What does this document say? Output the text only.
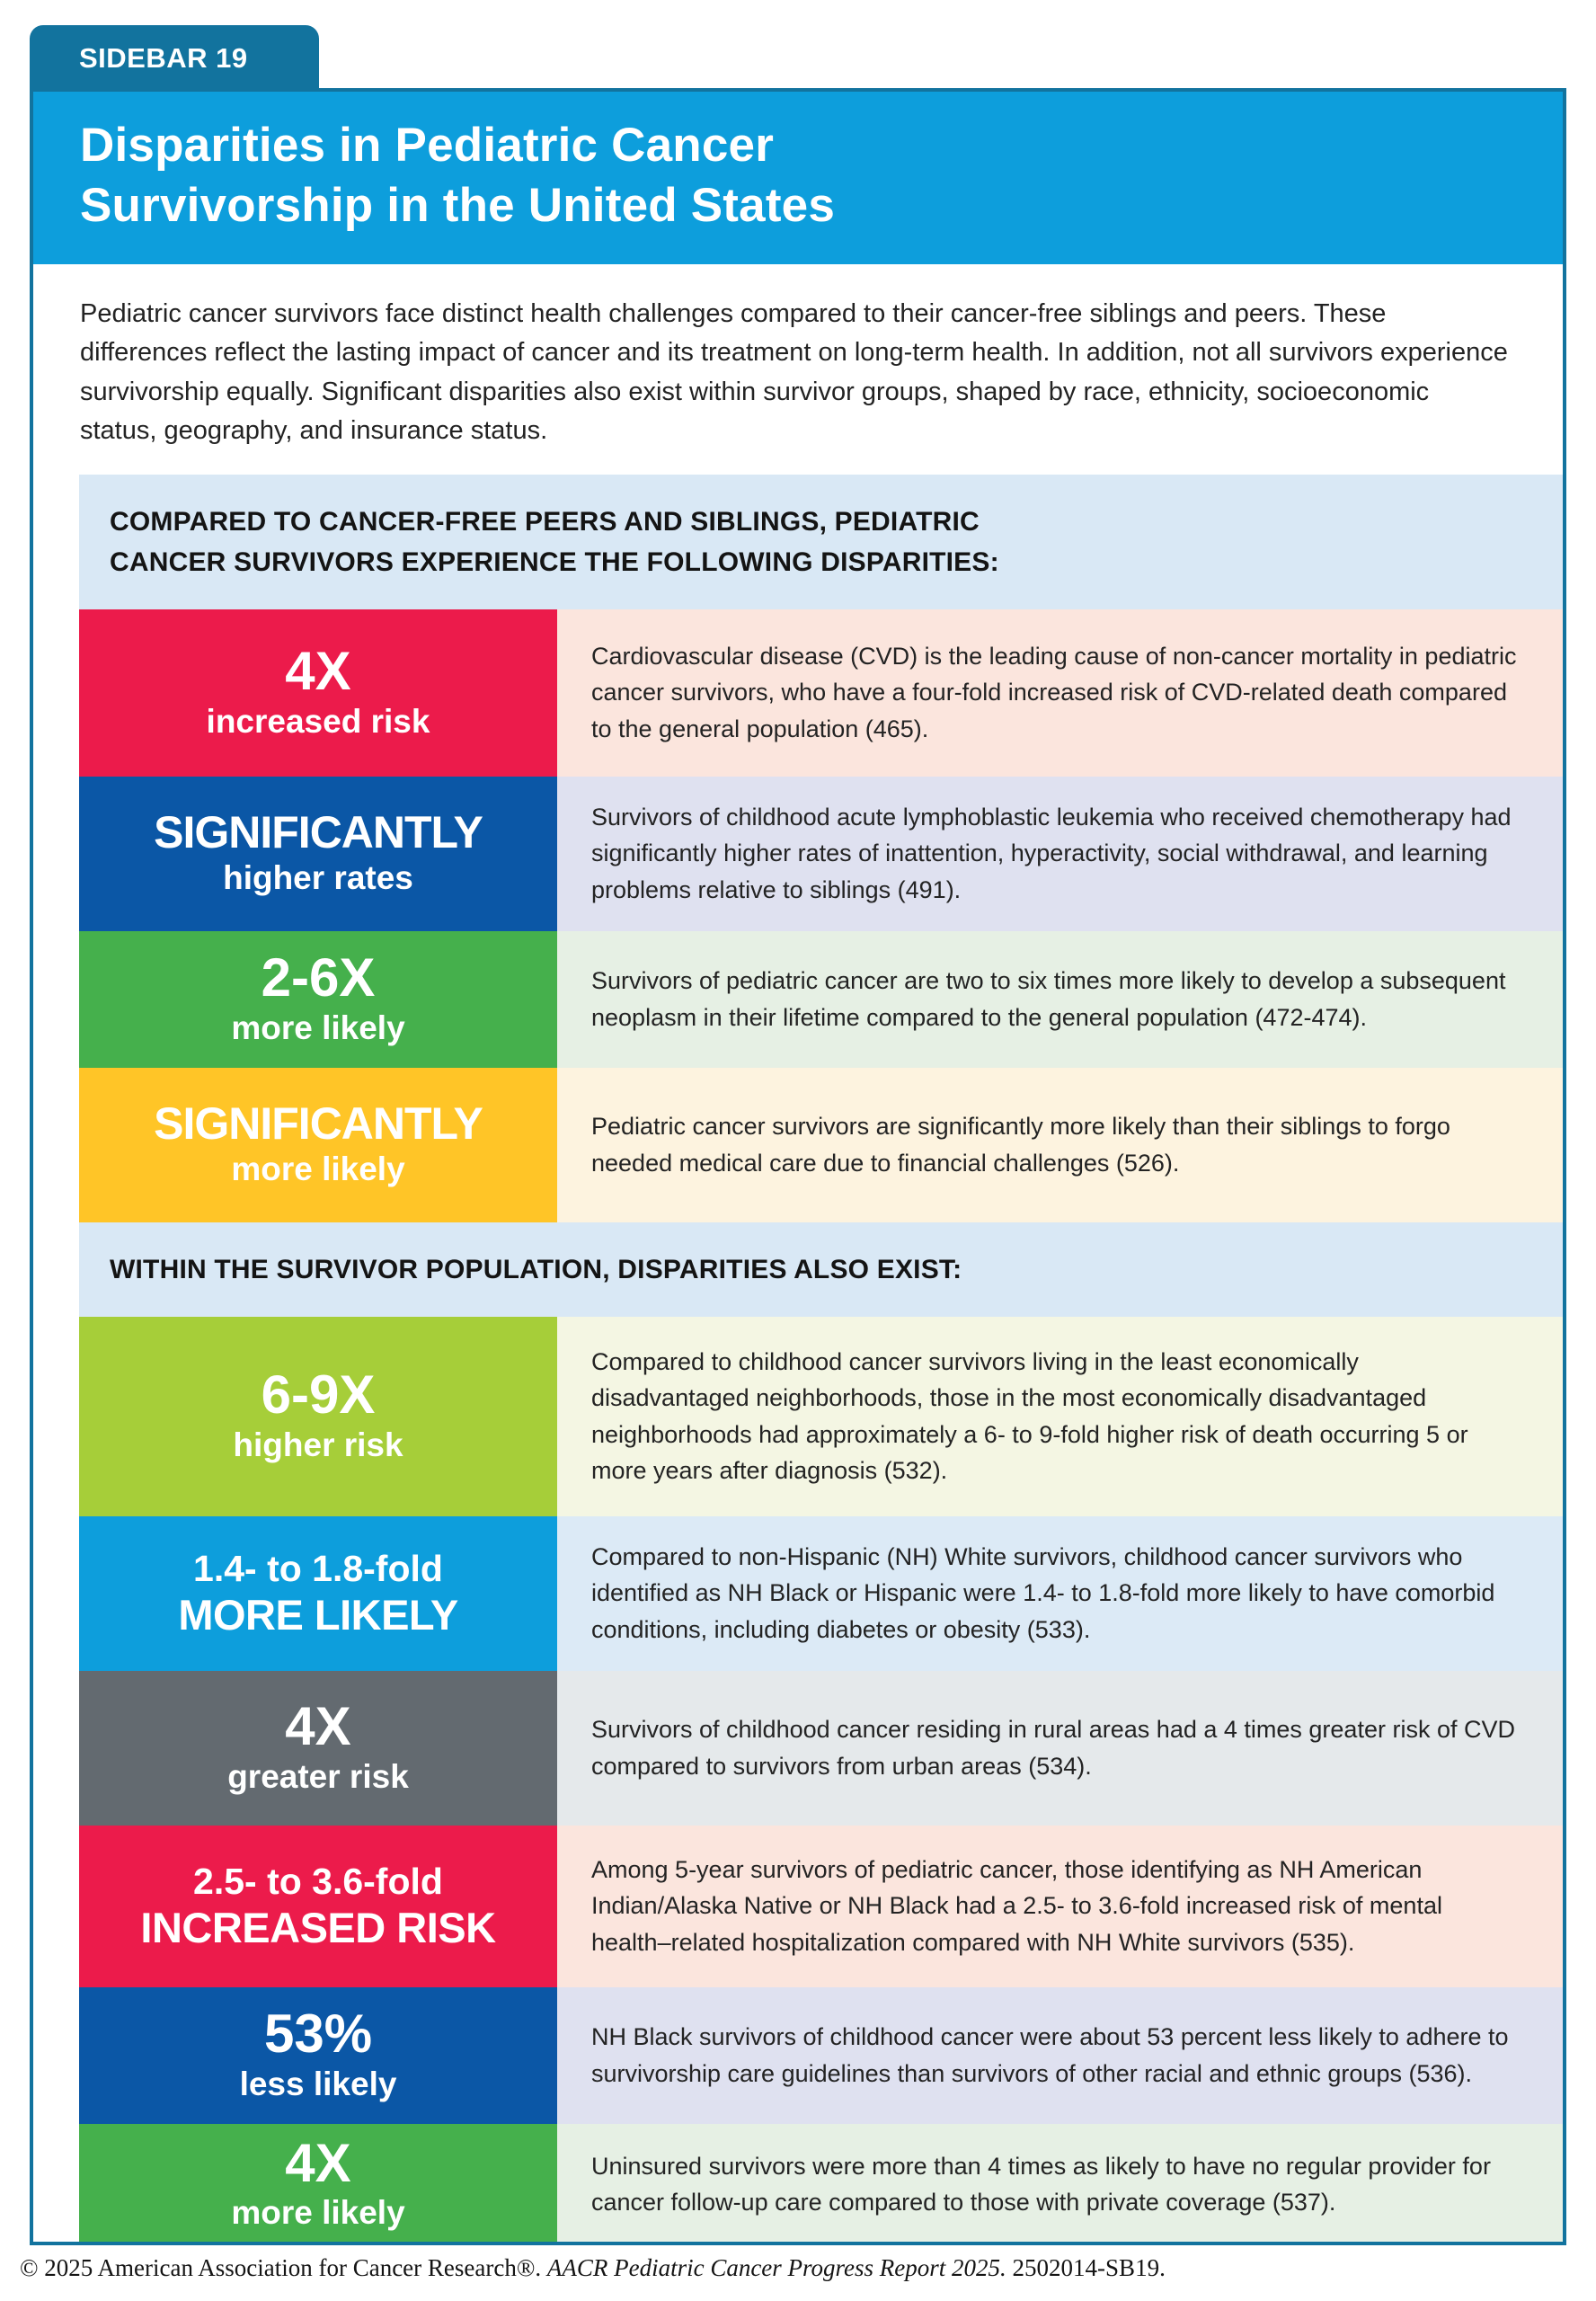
SIDEBAR 19
Disparities in Pediatric Cancer
Survivorship in the United States

Pediatric cancer survivors face distinct health challenges compared to their cancer-free siblings and peers. These differences reflect the lasting impact of cancer and its treatment on long-term health. In addition, not all survivors experience survivorship equally. Significant disparities also exist within survivor groups, shaped by race, ethnicity, socioeconomic status, geography, and insurance status.

COMPARED TO CANCER-FREE PEERS AND SIBLINGS, PEDIATRIC CANCER SURVIVORS EXPERIENCE THE FOLLOWING DISPARITIES:
4X
increased risk

Cardiovascular disease (CVD) is the leading cause of non-cancer mortality in pediatric cancer survivors, who have a four-fold increased risk of CVD-related death compared to the general population (465).

SIGNIFICANTLY
higher rates

Survivors of childhood acute lymphoblastic leukemia who received chemotherapy had significantly higher rates of inattention, hyperactivity, social withdrawal, and learning problems relative to siblings (491).

2-6X
more likely

Survivors of pediatric cancer are two to six times more likely to develop a subsequent neoplasm in their lifetime compared to the general population (472-474).

SIGNIFICANTLY
more likely

Pediatric cancer survivors are significantly more likely than their siblings to forgo needed medical care due to financial challenges (526).

WITHIN THE SURVIVOR POPULATION, DISPARITIES ALSO EXIST:
6-9X
higher risk

Compared to childhood cancer survivors living in the least economically disadvantaged neighborhoods, those in the most economically disadvantaged neighborhoods had approximately a 6- to 9-fold higher risk of death occurring 5 or more years after diagnosis (532).

1.4- to 1.8-fold
MORE LIKELY

Compared to non-Hispanic (NH) White survivors, childhood cancer survivors who identified as NH Black or Hispanic were 1.4- to 1.8-fold more likely to have comorbid conditions, including diabetes or obesity (533).

4X
greater risk

Survivors of childhood cancer residing in rural areas had a 4 times greater risk of CVD compared to survivors from urban areas (534).

2.5- to 3.6-fold
INCREASED RISK

Among 5-year survivors of pediatric cancer, those identifying as NH American Indian/Alaska Native or NH Black had a 2.5- to 3.6-fold increased risk of mental health–related hospitalization compared with NH White survivors (535).

53%
less likely

NH Black survivors of childhood cancer were about 53 percent less likely to adhere to survivorship care guidelines than survivors of other racial and ethnic groups (536).

4X
more likely

Uninsured survivors were more than 4 times as likely to have no regular provider for cancer follow-up care compared to those with private coverage (537).

© 2025 American Association for Cancer Research®. AACR Pediatric Cancer Progress Report 2025. 2502014-SB19.
